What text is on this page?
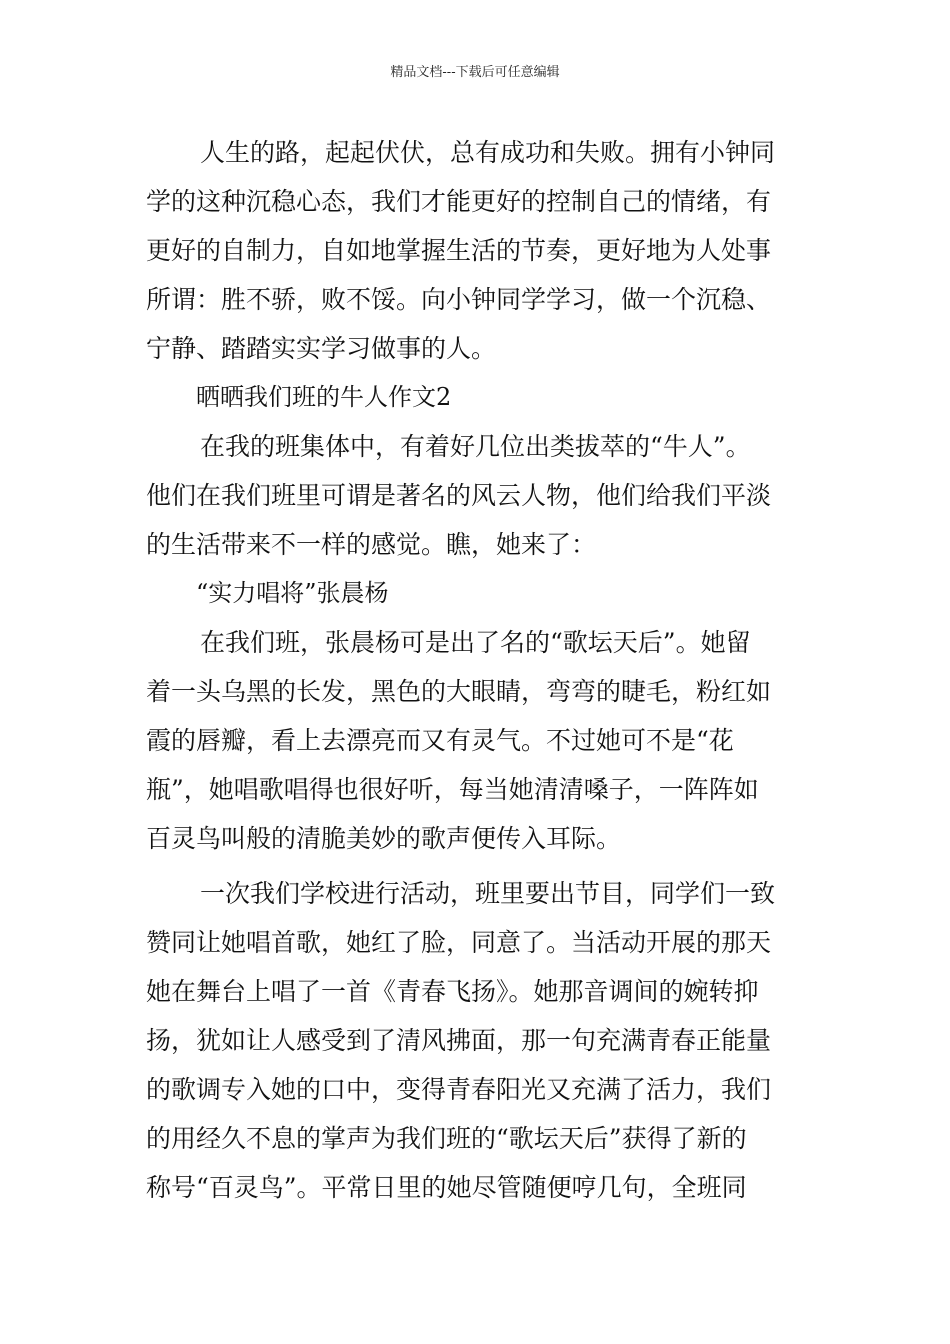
精品文档---下载后可任意编辑
人生的路，起起伏伏，总有成功和失败。拥有小钟同
学的这种沉稳心态，我们才能更好的控制自己的情绪，有
更好的自制力，自如地掌握生活的节奏，更好地为人处事
所谓：胜不骄，败不馁。向小钟同学学习，做一个沉稳、
宁静、踏踏实实学习做事的人。
晒晒我们班的牛人作文2
在我的班集体中，有着好几位出类拔萃的“牛人”。
他们在我们班里可谓是著名的风云人物，他们给我们平淡
的生活带来不一样的感觉。瞧，她来了：
“实力唱将”张晨杨
在我们班，张晨杨可是出了名的“歌坛天后”。她留
着一头乌黑的长发，黑色的大眼睛，弯弯的睫毛，粉红如
霞的唇瓣，看上去漂亮而又有灵气。不过她可不是“花
瓶”，她唱歌唱得也很好听，每当她清清嗓子，一阵阵如
百灵鸟叫般的清脆美妙的歌声便传入耳际。
一次我们学校进行活动，班里要出节目，同学们一致
赞同让她唱首歌，她红了脸，同意了。当活动开展的那天
她在舞台上唱了一首《青春飞扬》。她那音调间的婉转抑
扬，犹如让人感受到了清风拂面，那一句充满青春正能量
的歌调专入她的口中，变得青春阳光又充满了活力，我们
的用经久不息的掌声为我们班的“歌坛天后”获得了新的
称号“百灵鸟”。平常日里的她尽管随便哼几句，全班同
